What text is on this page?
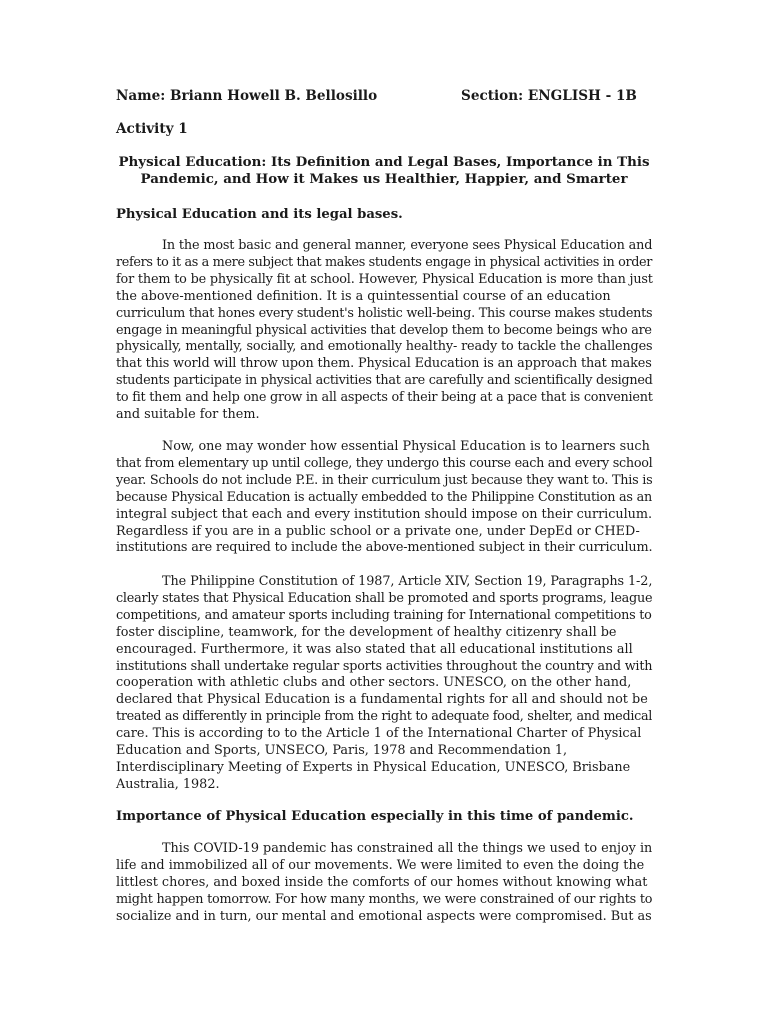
Name: Briann Howell B. Bellosillo	Section: ENGLISH - 1B
Activity 1
Physical Education: Its Definition and Legal Bases, Importance in This
Pandemic, and How it Makes us Healthier, Happier, and Smarter
Physical Education and its legal bases.
In the most basic and general manner, everyone sees Physical Education and
refers to it as a mere subject that makes students engage in physical activities in order
for them to be physically fit at school. However, Physical Education is more than just
the above-mentioned definition. It is a quintessential course of an education
curriculum that hones every student's holistic well-being. This course makes students
engage in meaningful physical activities that develop them to become beings who are
physically, mentally, socially, and emotionally healthy- ready to tackle the challenges
that this world will throw upon them. Physical Education is an approach that makes
students participate in physical activities that are carefully and scientifically designed
to fit them and help one grow in all aspects of their being at a pace that is convenient
and suitable for them.
Now, one may wonder how essential Physical Education is to learners such
that from elementary up until college, they undergo this course each and every school
year. Schools do not include P.E. in their curriculum just because they want to. This is
because Physical Education is actually embedded to the Philippine Constitution as an
integral subject that each and every institution should impose on their curriculum.
Regardless if you are in a public school or a private one, under DepEd or CHED-
institutions are required to include the above-mentioned subject in their curriculum.
The Philippine Constitution of 1987, Article XIV, Section 19, Paragraphs 1-2,
clearly states that Physical Education shall be promoted and sports programs, league
competitions, and amateur sports including training for International competitions to
foster discipline, teamwork, for the development of healthy citizenry shall be
encouraged. Furthermore, it was also stated that all educational institutions all
institutions shall undertake regular sports activities throughout the country and with
cooperation with athletic clubs and other sectors. UNESCO, on the other hand,
declared that Physical Education is a fundamental rights for all and should not be
treated as differently in principle from the right to adequate food, shelter, and medical
care. This is according to to the Article 1 of the International Charter of Physical
Education and Sports, UNSECO, Paris, 1978 and Recommendation 1,
Interdisciplinary Meeting of Experts in Physical Education, UNESCO, Brisbane
Australia, 1982.
Importance of Physical Education especially in this time of pandemic.
This COVID-19 pandemic has constrained all the things we used to enjoy in
life and immobilized all of our movements. We were limited to even the doing the
littlest chores, and boxed inside the comforts of our homes without knowing what
might happen tomorrow. For how many months, we were constrained of our rights to
socialize and in turn, our mental and emotional aspects were compromised. But as
